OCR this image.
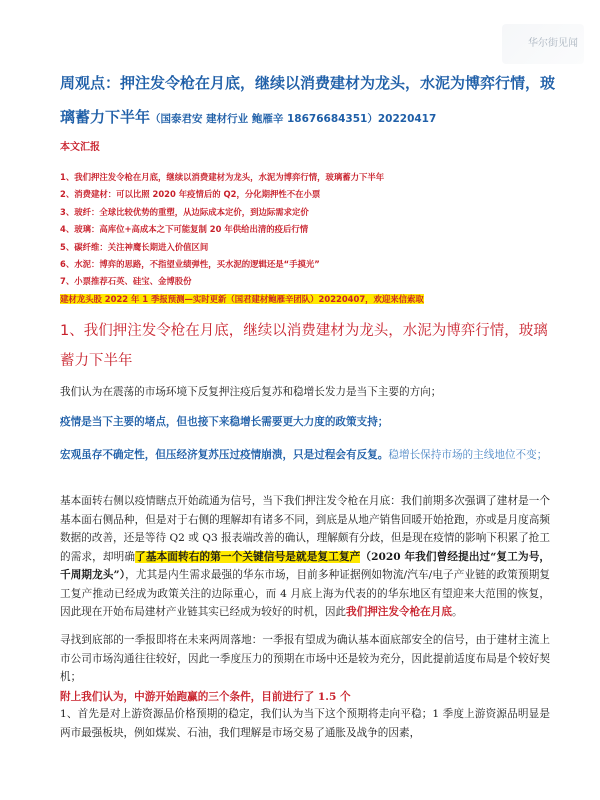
华尔街见闻
周观点：押注发令枪在月底，继续以消费建材为龙头，水泥为博弈行情，玻璃蓄力下半年（国泰君安 建材行业 鲍雁辛 18676684351）20220417
本文汇报
1、我们押注发令枪在月底，继续以消费建材为龙头，水泥为博弈行情，玻璃蓄力下半年
2、消费建材：可以比照 2020 年疫情后的 Q2，分化期押性不在小票
3、玻纤：全球比较优势的重塑，从边际成本定价，到边际需求定价
4、玻璃：高库位+高成本之下可能复制 20 年供给出清的疫后行情
5、碳纤维：关注神鹰长期进入价值区间
6、水泥：博弈的思路，不指望业绩弹性，买水泥的逻辑还是“手摸光”
7、小票推荐石英、硅宝、金博股份
建材龙头股 2022 年 1 季报预测—实时更新（国君建材鲍雁辛团队）20220407，欢迎来信索取
1、我们押注发令枪在月底，继续以消费建材为龙头，水泥为博弈行情，玻璃蓄力下半年
我们认为在震荡的市场环境下反复押注疫后复苏和稳增长发力是当下主要的方向；
疫情是当下主要的堵点，但也接下来稳增长需要更大力度的政策支持；
宏观虽存不确定性，但压经济复苏压过疫情崩溃，只是过程会有反复。稳增长保持市场的主线地位不变；
基本面转右侧以疫情瞎点开始疏通为信号，当下我们押注发令枪在月底：我们前期多次强调了建材是一个基本面右侧品种，但是对于右侧的理解却有诸多不同，到底是从地产销售回暖开始抢跑，亦或是月度高频数据的改善，还是等待 Q2 或 Q3 报表端改善的确认，理解颇有分歧，但是现在疫情的影响下积累了抢工的需求，却明确了基本面转右的第一个关键信号是就是复工复产（2020 年我们曾经提出过“复工为号，千周期龙头”），尤其是内生需求最强的华东市场，目前多种证据例如物流/汽车/电子产业链的政策预期复工复产推动已经成为政策关注的边际重心，而 4 月底上海为代表的的华东地区有望迎来大范围的恢复，因此现在开始布局建材产业链其实已经成为较好的时机，因此我们押注发令枪在月底。
寻找到底部的一季报即将在未来两周落地：一季报有望成为确认基本面底部安全的信号，由于建材主流上市公司市场沟通往往较好，因此一季度压力的预期在市场中还是较为充分，因此提前适度布局是个较好契机；
附上我们认为，中游开始跑赢的三个条件，目前进行了 1.5 个
1、首先是对上游资源品价格预期的稳定，我们认为当下这个预期将走向平稳；1 季度上游资源品明显是两市最强板块，例如煤炭、石油，我们理解是市场交易了通胀及战争的因素，
